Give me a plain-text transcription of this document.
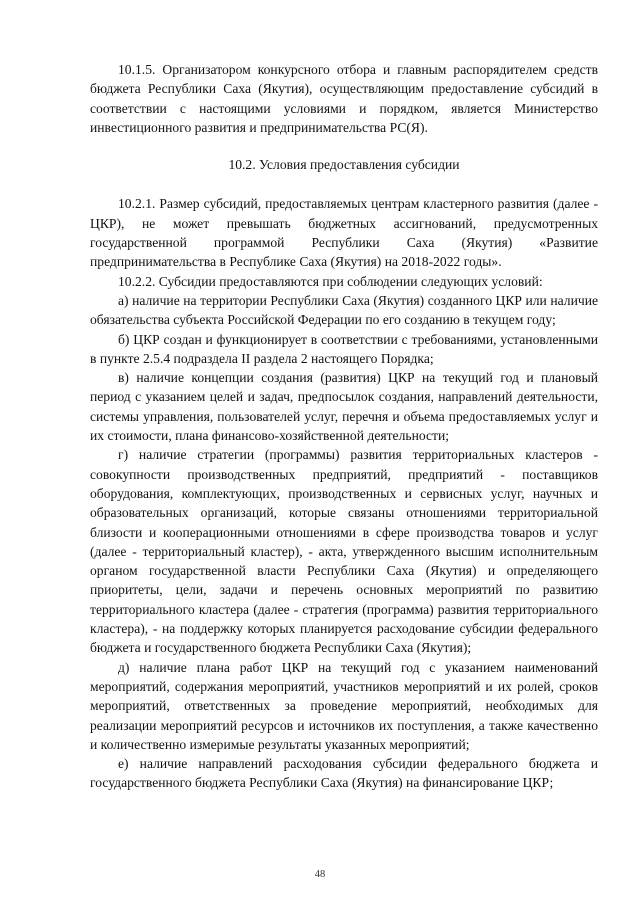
10.1.5. Организатором конкурсного отбора и главным распорядителем средств бюджета Республики Саха (Якутия), осуществляющим предоставление субсидий в соответствии с настоящими условиями и порядком, является Министерство инвестиционного развития и предпринимательства РС(Я).

10.2. Условия предоставления субсидии

10.2.1. Размер субсидий, предоставляемых центрам кластерного развития (далее - ЦКР), не может превышать бюджетных ассигнований, предусмотренных государственной программой Республики Саха (Якутия) «Развитие предпринимательства в Республике Саха (Якутия) на 2018-2022 годы».

10.2.2. Субсидии предоставляются при соблюдении следующих условий:

а) наличие на территории Республики Саха (Якутия) созданного ЦКР или наличие обязательства субъекта Российской Федерации по его созданию в текущем году;

б) ЦКР создан и функционирует в соответствии с требованиями, установленными в пункте 2.5.4 подраздела II раздела 2 настоящего Порядка;

в) наличие концепции создания (развития) ЦКР на текущий год и плановый период с указанием целей и задач, предпосылок создания, направлений деятельности, системы управления, пользователей услуг, перечня и объема предоставляемых услуг и их стоимости, плана финансово-хозяйственной деятельности;

г) наличие стратегии (программы) развития территориальных кластеров - совокупности производственных предприятий, предприятий - поставщиков оборудования, комплектующих, производственных и сервисных услуг, научных и образовательных организаций, которые связаны отношениями территориальной близости и кооперационными отношениями в сфере производства товаров и услуг (далее - территориальный кластер), - акта, утвержденного высшим исполнительным органом государственной власти Республики Саха (Якутия) и определяющего приоритеты, цели, задачи и перечень основных мероприятий по развитию территориального кластера (далее - стратегия (программа) развития территориального кластера), - на поддержку которых планируется расходование субсидии федерального бюджета и государственного бюджета Республики Саха (Якутия);

д) наличие плана работ ЦКР на текущий год с указанием наименований мероприятий, содержания мероприятий, участников мероприятий и их ролей, сроков мероприятий, ответственных за проведение мероприятий, необходимых для реализации мероприятий ресурсов и источников их поступления, а также качественно и количественно измеримые результаты указанных мероприятий;

е) наличие направлений расходования субсидии федерального бюджета и государственного бюджета Республики Саха (Якутия) на финансирование ЦКР;

48
